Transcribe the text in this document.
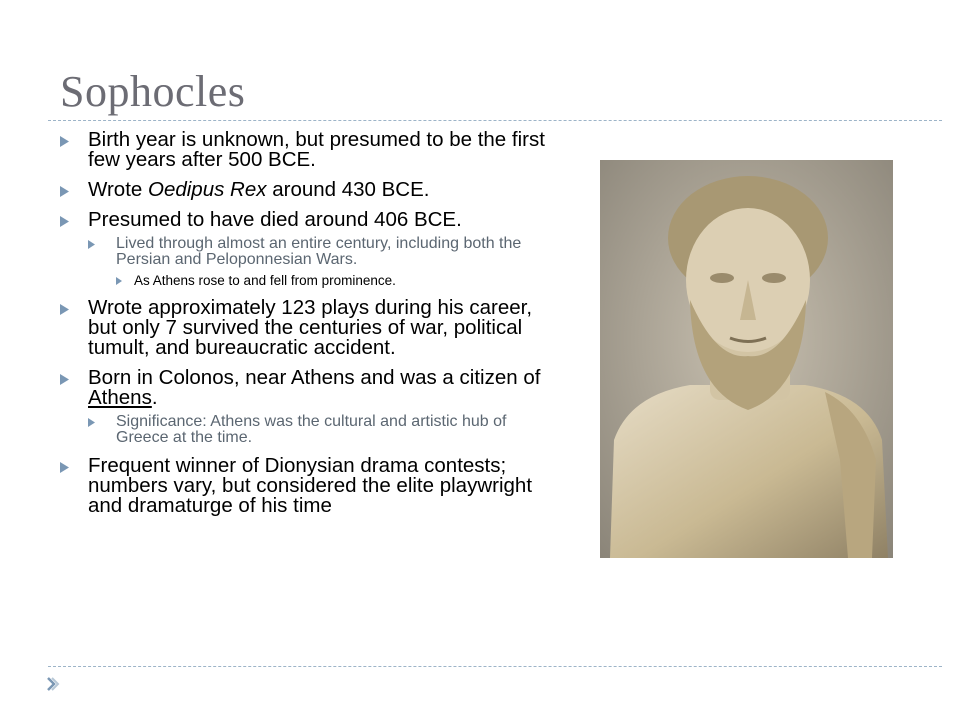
Sophocles
Birth year is unknown, but presumed to be the first few years after 500 BCE.
Wrote Oedipus Rex around 430 BCE.
Presumed to have died around 406 BCE.
Lived through almost an entire century, including both the Persian and Peloponnesian Wars.
As Athens rose to and fell from prominence.
Wrote approximately 123 plays during his career, but only 7 survived the centuries of war, political tumult, and bureaucratic accident.
Born in Colonos, near Athens and was a citizen of Athens.
Significance: Athens was the cultural and artistic hub of Greece at the time.
Frequent winner of Dionysian drama contests; numbers vary, but considered the elite playwright and dramaturge of his time
